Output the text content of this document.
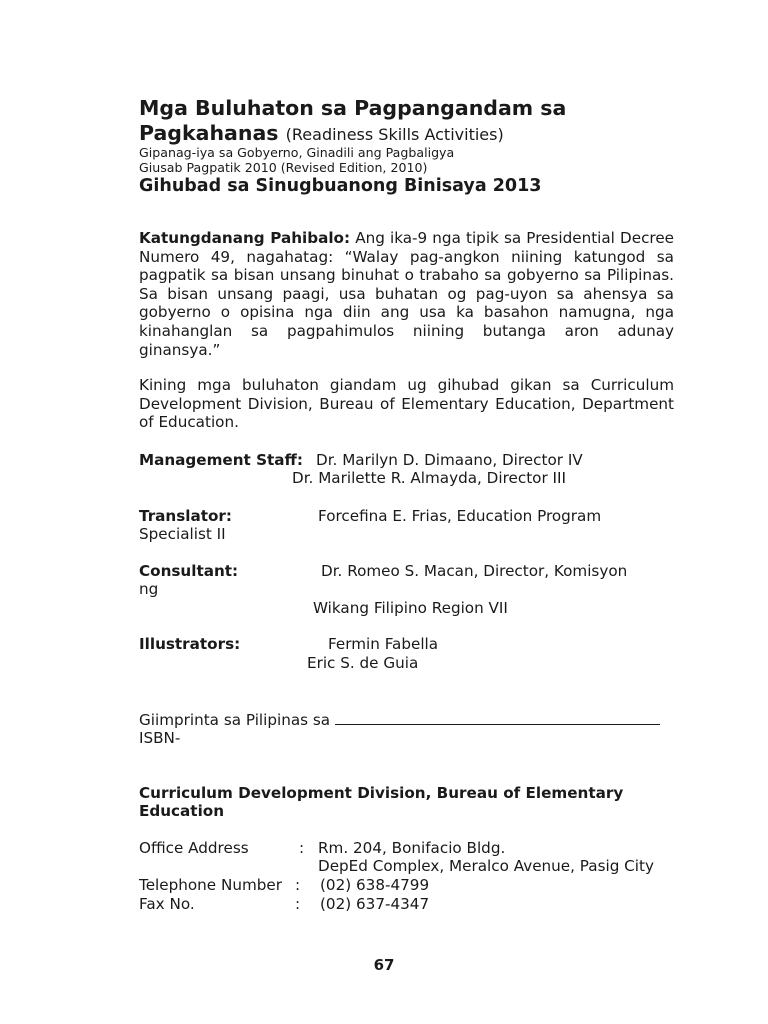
Mga Buluhaton sa Pagpangandam sa
Pagkahanas (Readiness Skills Activities)
Gipanag-iya sa Gobyerno, Ginadili ang Pagbaligya
Giusab Pagpatik 2010 (Revised Edition, 2010)
Gihubad sa Sinugbuanong Binisaya 2013
Katungdanang Pahibalo: Ang ika-9 nga tipik sa Presidential Decree Numero 49, nagahatag: “Walay pag-angkon niining katungod sa pagpatik sa bisan unsang binuhat o trabaho sa gobyerno sa Pilipinas. Sa bisan unsang paagi, usa buhatan og pag-uyon sa ahensya sa gobyerno o opisina nga diin ang usa ka basahon namugna, nga kinahanglan sa pagpahimulos niining butanga aron adunay ginansya.”
Kining mga buluhaton giandam ug gihubad gikan sa Curriculum Development Division, Bureau of Elementary Education, Department of Education.
Management Staff: Dr. Marilyn D. Dimaano, Director IV
Dr. Marilette R. Almayda, Director III
Translator:	Forcefina E. Frias, Education Program
Specialist II
Consultant:	Dr. Romeo S. Macan, Director, Komisyon
ng
Wikang Filipino Region VII
Illustrators:	Fermin Fabella
Eric S. de Guia
Giimprinta sa Pilipinas sa
ISBN-
Curriculum Development Division, Bureau of Elementary
Education
Office Address	: Rm. 204, Bonifacio Bldg.
DepEd Complex, Meralco Avenue, Pasig City
Telephone Number : (02) 638-4799
Fax No.	: (02) 637-4347
67
